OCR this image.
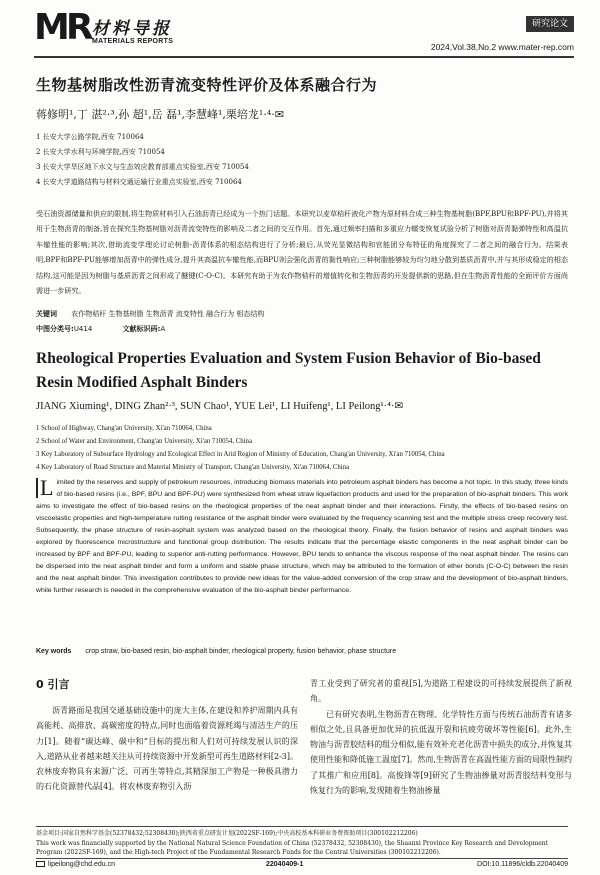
MR 材料导报
MATERIALS REPORTS
研究论文
2024,Vol.38,No.2 www.mater-rep.com
生物基树脂改性沥青流变特性评价及体系融合行为
蒋修明¹,丁 湛²·³,孙 超¹,岳 磊¹,李慧峰¹,栗培龙¹·⁴·✉
1 长安大学公路学院,西安 710064
2 长安大学水利与环境学院,西安 710054
3 长安大学旱区地下水文与生态效应教育部重点实验室,西安 710054
4 长安大学道路结构与材料交通运输行业重点实验室,西安 710064
受石油资源储量和供应的限制,将生物质材料引入石油沥青已经成为一个热门话题。本研究以麦草秸秆液化产物为原材料合成三种生物基树脂(BPF,BPU和BPF-PU),并将其用于生物沥青的制备,旨在探究生物基树脂对沥青流变特性的影响及二者之间的交互作用。首先,通过频率扫描和多重应力蠕变恢复试验分析了树脂对沥青黏弹特性和高温抗车辙性能的影响;其次,借助流变学理论讨论树脂-沥青体系的相态结构进行了分析;最后,从荧光显微结构和官能团分布特征的角度探究了二者之间的融合行为。结果表明,BPF和BPF-PU能够增加沥青中的弹性成分,提升其高温抗车辙性能,而BPU则会强化沥青的黏性响应;三种树脂能够较为均匀地分散到基质沥青中,并与其形成稳定的相态结构,这可能是因为树脂与基质沥青之间形成了醚键(C-O-C)。本研究有助于为农作物秸秆的增值转化和生物沥青的开发提供新的思路,但在生物沥青性能的全面评价方面尚需进一步研究。
关键词 农作物秸秆 生物基树脂 生物沥青 流变特性 融合行为 相态结构
中图分类号:U414	文献标识码:A
Rheological Properties Evaluation and System Fusion Behavior of Bio-based Resin Modified Asphalt Binders
JIANG Xiuming¹, DING Zhan²·³, SUN Chao¹, YUE Lei¹, LI Huifeng¹, LI Peilong¹·⁴·✉
1 School of Highway, Chang'an University, Xi'an 710064, China
2 School of Water and Environment, Chang'an University, Xi'an 710054, China
3 Key Laboratory of Subsurface Hydrology and Ecological Effect in Arid Region of Ministry of Education, Chang'an University, Xi'an 710054, China
4 Key Laboratory of Road Structure and Material Ministry of Transport, Chang'an University, Xi'an 710064, China
L imited by the reserves and supply of petroleum resources, introducing biomass materials into petroleum asphalt binders has become a hot topic. In this study, three kinds of bio-based resins (i.e., BPF, BPU and BPF-PU) were synthesized from wheat straw liquefaction products and used for the preparation of bio-asphalt binders. This work aims to investigate the effect of bio-based resins on the rheological properties of the neat asphalt binder and their interactions. Firstly, the effects of bio-based resins on viscoelastic properties and high-temperature rutting resistance of the asphalt binder were evaluated by the frequency scanning test and the multiple stress creep recovery test. Subsequently, the phase structure of resin-asphalt system was analyzed based on the rheological theory. Finally, the fusion behavior of resins and asphalt binders was explored by fluorescence microstructure and functional group distribution. The results indicate that the percentage elastic components in the neat asphalt binder can be increased by BPF and BPF-PU, leading to superior anti-rutting performance. However, BPU tends to enhance the viscous response of the neat asphalt binder. The resins can be dispersed into the neat asphalt binder and form a uniform and stable phase structure, which may be attributed to the formation of ether bonds (C-O-C) between the resin and the neat asphalt binder. This investigation contributes to provide new ideas for the value-added conversion of the crop straw and the development of bio-asphalt binders, while further research is needed in the comprehensive evaluation of the bio-asphalt binder performance.
Key words crop straw, bio-based resin, bio-asphalt binder, rheological property, fusion behavior, phase structure
0 引言
沥青路面是我国交通基础设施中的庞大主体,在建设和养护周期内具有高能耗、高排放、高碳密度的特点,同时也面临着资源耗竭与清洁生产的压力[1]。随着“碳达峰、碳中和”目标的提出和人们对可持续发展认识的深入,道路从业者越来越关注从可持续资源中开发新型可再生道路材料[2-3]。农林废弃物具有来源广泛、可再生等特点,其精深加工产物是一种极具潜力的石化资源替代品[4]。将农林废弃物引入沥
青工业受到了研究者的重视[5],为道路工程建设的可持续发展提供了新视角。
已有研究表明,生物沥青在物理、化学特性方面与传统石油沥青有诸多相似之处,且具备更加优异的抗低温开裂和抗疲劳破坏等性能[6]。此外,生物油与沥青胶结料的组分相似,能有效补充老化沥青中损失的成分,并恢复其使用性能和降低施工温度[7]。然而,生物沥青在高温性能方面的局限性制约了其推广和应用[8]。高俊锋等[9]研究了生物油掺量对沥青胶结料变形与恢复行为的影响,发现随着生物油掺量
基金项目:国家自然科学基金(52378432;52308430);陕西省重点研发计划(2022SF-169);中央高校基本科研业务费资助项目(300102212206)
This work was financially supported by the National Natural Science Foundation of China (52378432, 52308430), the Shaanxi Province Key Research and Development Program (2022SF-169), and the High-tech Project of the Fundamental Research Funds for the Central Universities (300102212206).
lipeilong@chd.edu.cn	22040409-1	DOI:10.11896/cldb.22040409
